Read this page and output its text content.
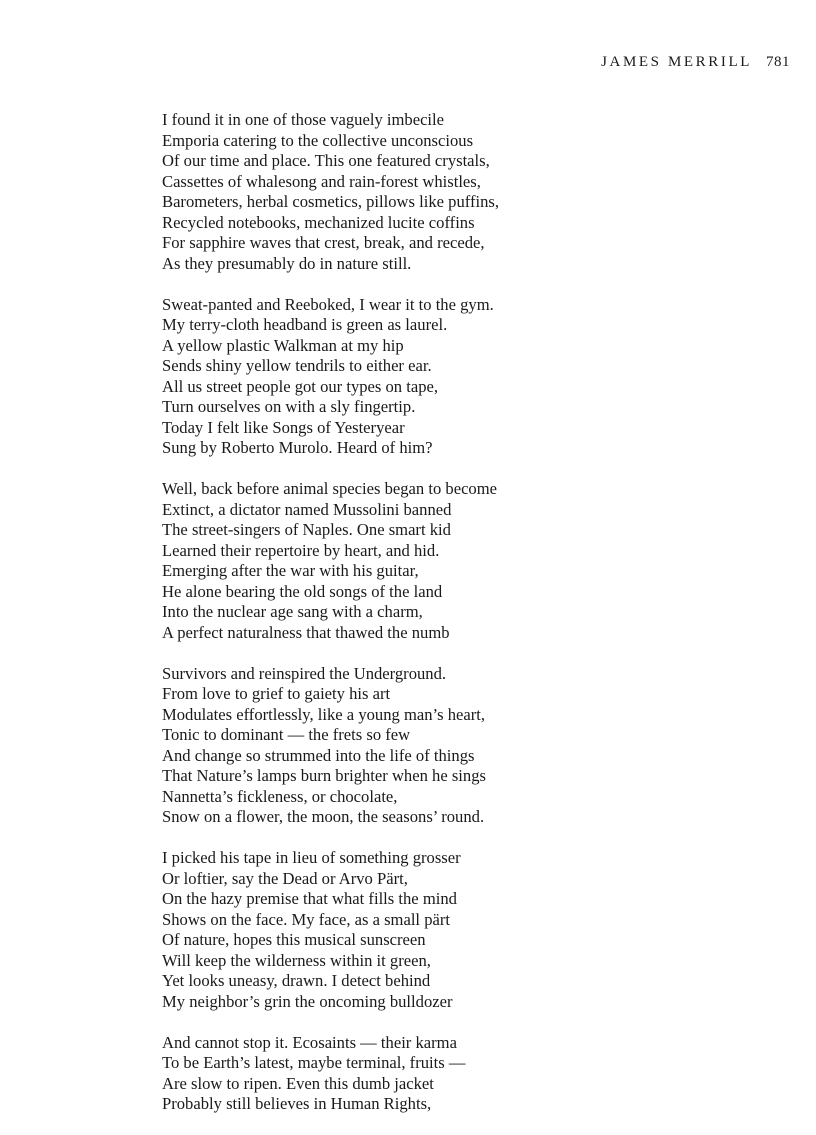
JAMES MERRILL 781
I found it in one of those vaguely imbecile
Emporia catering to the collective unconscious
Of our time and place. This one featured crystals,
Cassettes of whalesong and rain-forest whistles,
Barometers, herbal cosmetics, pillows like puffins,
Recycled notebooks, mechanized lucite coffins
For sapphire waves that crest, break, and recede,
As they presumably do in nature still.
Sweat-panted and Reeboked, I wear it to the gym.
My terry-cloth headband is green as laurel.
A yellow plastic Walkman at my hip
Sends shiny yellow tendrils to either ear.
All us street people got our types on tape,
Turn ourselves on with a sly fingertip.
Today I felt like Songs of Yesteryear
Sung by Roberto Murolo. Heard of him?
Well, back before animal species began to become
Extinct, a dictator named Mussolini banned
The street-singers of Naples. One smart kid
Learned their repertoire by heart, and hid.
Emerging after the war with his guitar,
He alone bearing the old songs of the land
Into the nuclear age sang with a charm,
A perfect naturalness that thawed the numb
Survivors and reinspired the Underground.
From love to grief to gaiety his art
Modulates effortlessly, like a young man’s heart,
Tonic to dominant — the frets so few
And change so strummed into the life of things
That Nature’s lamps burn brighter when he sings
Nannetta’s fickleness, or chocolate,
Snow on a flower, the moon, the seasons’ round.
I picked his tape in lieu of something grosser
Or loftier, say the Dead or Arvo Pärt,
On the hazy premise that what fills the mind
Shows on the face. My face, as a small pärt
Of nature, hopes this musical sunscreen
Will keep the wilderness within it green,
Yet looks uneasy, drawn. I detect behind
My neighbor’s grin the oncoming bulldozer
And cannot stop it. Ecosaints — their karma
To be Earth’s latest, maybe terminal, fruits —
Are slow to ripen. Even this dumb jacket
Probably still believes in Human Rights,
